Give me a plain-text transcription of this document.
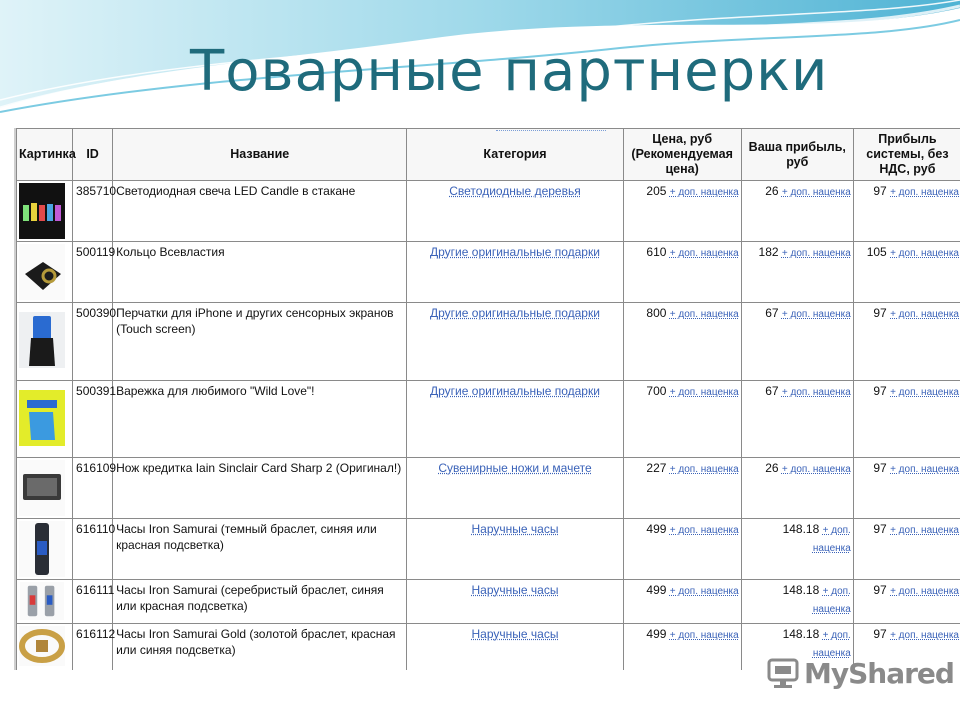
Товарные партнерки
Картинка	ID	Название	Категория	Цена, руб (Рекомендуемая цена)	Ваша прибыль, руб	Прибыль системы, без НДС, руб

	385710	Светодиодная свеча LED Candle в стакане	Светодиодные деревья	205 + доп. наценка	26 + доп. наценка	97 + доп. наценка

	500119	Кольцо Всевластия	Другие оригинальные подарки	610 + доп. наценка	182 + доп. наценка	105 + доп. наценка

	500390	Перчатки для iPhone и других сенсорных экранов (Touch screen)	Другие оригинальные подарки	800 + доп. наценка	67 + доп. наценка	97 + доп. наценка

	500391	Варежка для любимого "Wild Love"!	Другие оригинальные подарки	700 + доп. наценка	67 + доп. наценка	97 + доп. наценка

	616109	Нож кредитка Iain Sinclair Card Sharp 2 (Оригинал!)	Сувенирные ножи и мачете	227 + доп. наценка	26 + доп. наценка	97 + доп. наценка

	616110	Часы Iron Samurai (темный браслет, синяя или красная подсветка)	Наручные часы	499 + доп. наценка	148.18 + доп. наценка	97 + доп. наценка

	616111	Часы Iron Samurai (серебристый браслет, синяя или красная подсветка)	Наручные часы	499 + доп. наценка	148.18 + доп. наценка	97 + доп. наценка

	616112	Часы Iron Samurai Gold (золотой браслет, красная или синяя подсветка)	Наручные часы	499 + доп. наценка	148.18 + доп. наценка	97 + доп. наценка
MyShared
